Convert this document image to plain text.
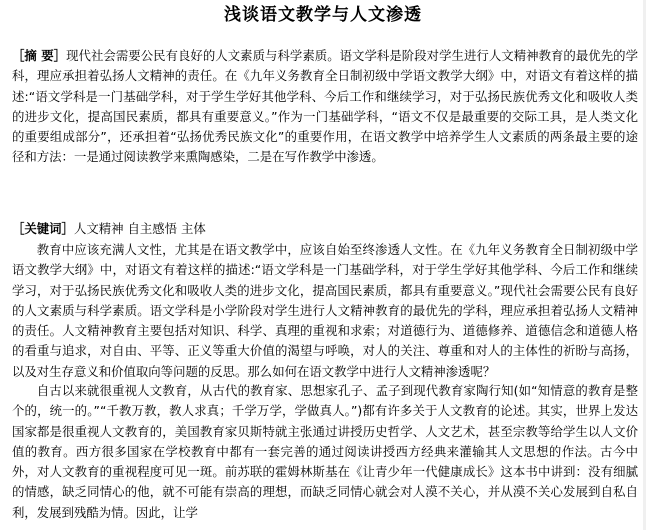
浅谈语文教学与人文渗透
［摘 要］现代社会需要公民有良好的人文素质与科学素质。语文学科是阶段对学生进行人文精神教育的最优先的学科，理应承担着弘扬人文精神的责任。在《九年义务教育全日制初级中学语文教学大纲》中，对语文有着这样的描述:“语文学科是一门基础学科，对于学生学好其他学科、今后工作和继续学习，对于弘扬民族优秀文化和吸收人类的进步文化，提高国民素质，都具有重要意义。”作为一门基础学科，“语文不仅是最重要的交际工具，是人类文化的重要组成部分”，还承担着“弘扬优秀民族文化”的重要作用，在语文教学中培养学生人文素质的两条最主要的途径和方法：一是通过阅读教学来熏陶感染，二是在写作教学中渗透。
［关键词］人文精神 自主感悟 主体
教育中应该充满人文性，尤其是在语文教学中，应该自始至终渗透人文性。在《九年义务教育全日制初级中学语文教学大纲》中，对语文有着这样的描述:“语文学科是一门基础学科，对于学生学好其他学科、今后工作和继续学习，对于弘扬民族优秀文化和吸收人类的进步文化，提高国民素质，都具有重要意义。”现代社会需要公民有良好的人文素质与科学素质。语文学科是小学阶段对学生进行人文精神教育的最优先的学科，理应承担着弘扬人文精神的责任。人文精神教育主要包括对知识、科学、真理的重视和求索；对道德行为、道德修养、道德信念和道德人格的看重与追求，对自由、平等、正义等重大价值的渴望与呼唤，对人的关注、尊重和对人的主体性的祈盼与高扬，以及对生存意义和价值取向等问题的反思。那么如何在语文教学中进行人文精神渗透呢？
自古以来就很重视人文教育，从古代的教育家、思想家孔子、孟子到现代教育家陶行知(如“知情意的教育是整个的，统一的。”“千教万教，教人求真；千学万学，学做真人。”)都有许多关于人文教育的论述。其实，世界上发达国家都是很重视人文教育的，美国教育家贝斯特就主张通过讲授历史哲学、人文艺术，甚至宗教等给学生以人文价值的教育。西方很多国家在学校教育中都有一套完善的通过阅读讲授西方经典来灌输其人文思想的作法。古今中外，对人文教育的重视程度可见一斑。前苏联的霍姆林斯基在《让青少年一代健康成长》这本书中讲到：没有细腻的情感，缺乏同情心的他，就不可能有崇高的理想，而缺乏同情心就会对人漠不关心，并从漠不关心发展到自私自利，发展到残酷为情。因此，让学
